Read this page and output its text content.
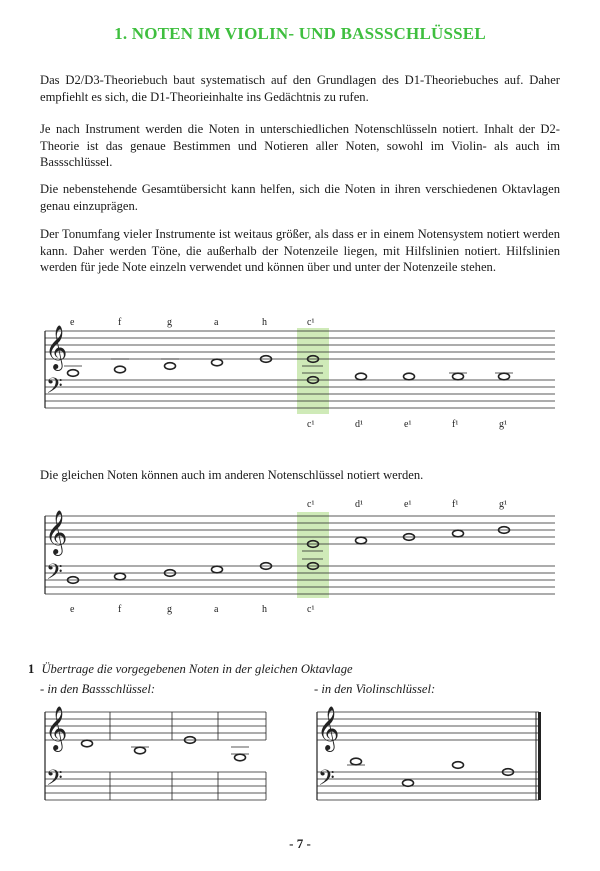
1. NOTEN IM VIOLIN- UND BASSSCHLÜSSEL

Das D2/D3-Theoriebuch baut systematisch auf den Grundlagen des D1-Theoriebuches auf. Daher empfiehlt es sich, die D1-Theorieinhalte ins Gedächtnis zu rufen.

Je nach Instrument werden die Noten in unterschiedlichen Notenschlüsseln notiert. Inhalt der D2-Theorie ist das genaue Bestimmen und Notieren aller Noten, sowohl im Violin- als auch im Bassschlüssel.

Die nebenstehende Gesamtübersicht kann helfen, sich die Noten in ihren verschiedenen Oktavlagen genau einzuprägen.

Der Tonumfang vieler Instrumente ist weitaus größer, als dass er in einem Notensystem notiert werden kann. Daher werden Töne, die außerhalb der Notenzeile liegen, mit Hilfslinien notiert. Hilfslinien werden für jede Note einzeln verwendet und können über und unter der Notenzeile stehen.

𝄞
𝄢
e	f	g	a	h	c¹
c¹	d¹	e¹	f¹	g¹

Die gleichen Noten können auch im anderen Notenschlüssel notiert werden.

𝄞
𝄢
c¹	d¹	e¹	f¹	g¹
e	f	g	a	h	c¹
1 Übertrage die vorgegebenen Noten in der gleichen Oktavlage
- in den Bassschlüssel:	- in den Violinschlüssel:
𝄞
𝄢
𝄞
𝄢
- 7 -
